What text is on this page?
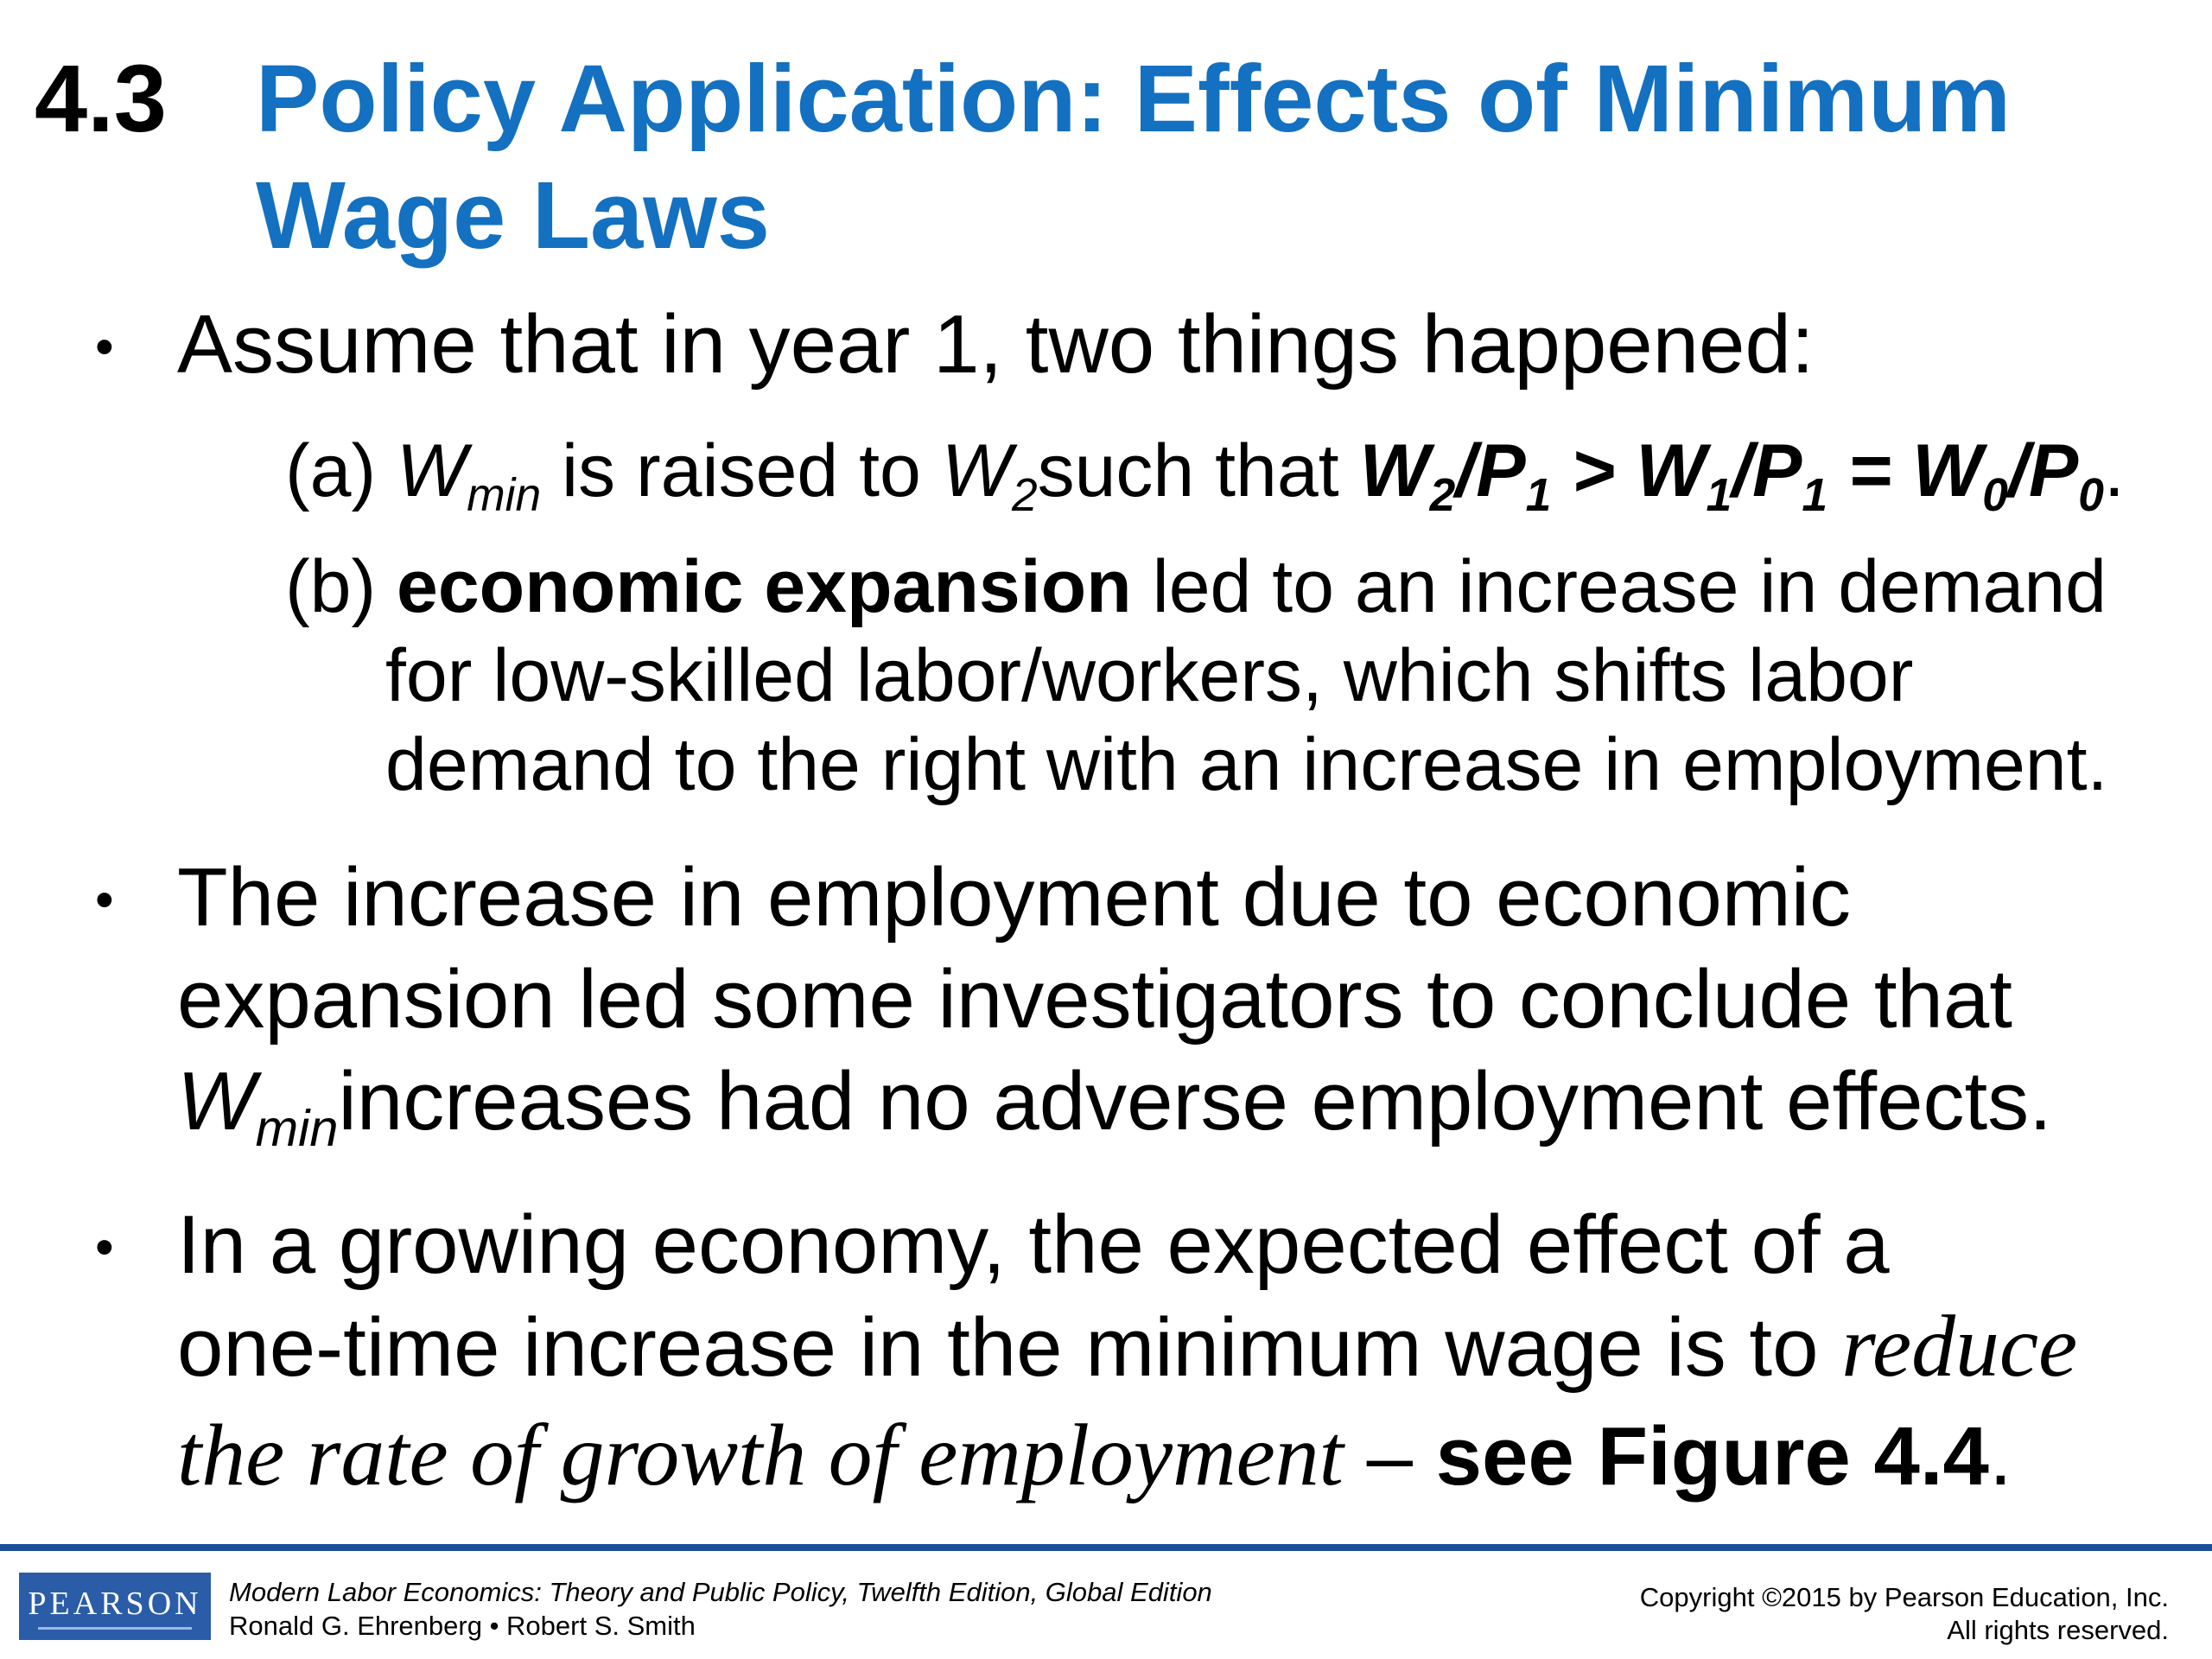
4.3 Policy Application: Effects of Minimum
Wage Laws
• Assume that in year 1, two things happened:
(a) $W_{min}$ is raised to $W_2such$ that $W_2/P_1 > W_1/P_1 = W_0/P_0$.
(b) economic expansion led to an increase in demand
for low-skilled labor/workers, which shifts labor
demand to the right with an increase in employment.
• The increase in employment due to economic
expansion led some investigators to conclude that
$W_{min}increases$ had no adverse employment effects.
• In a growing economy, the expected effect of a
one-time increase in the minimum wage is to reduce
the rate of growth of employment – see Figure 4.4.
PEARSON	Modern Labor Economics: Theory and Public Policy, Twelfth Edition, Global Edition
Ronald G. Ehrenberg • Robert S. Smith
Copyright ©2015 by Pearson Education, Inc.
All rights reserved.
